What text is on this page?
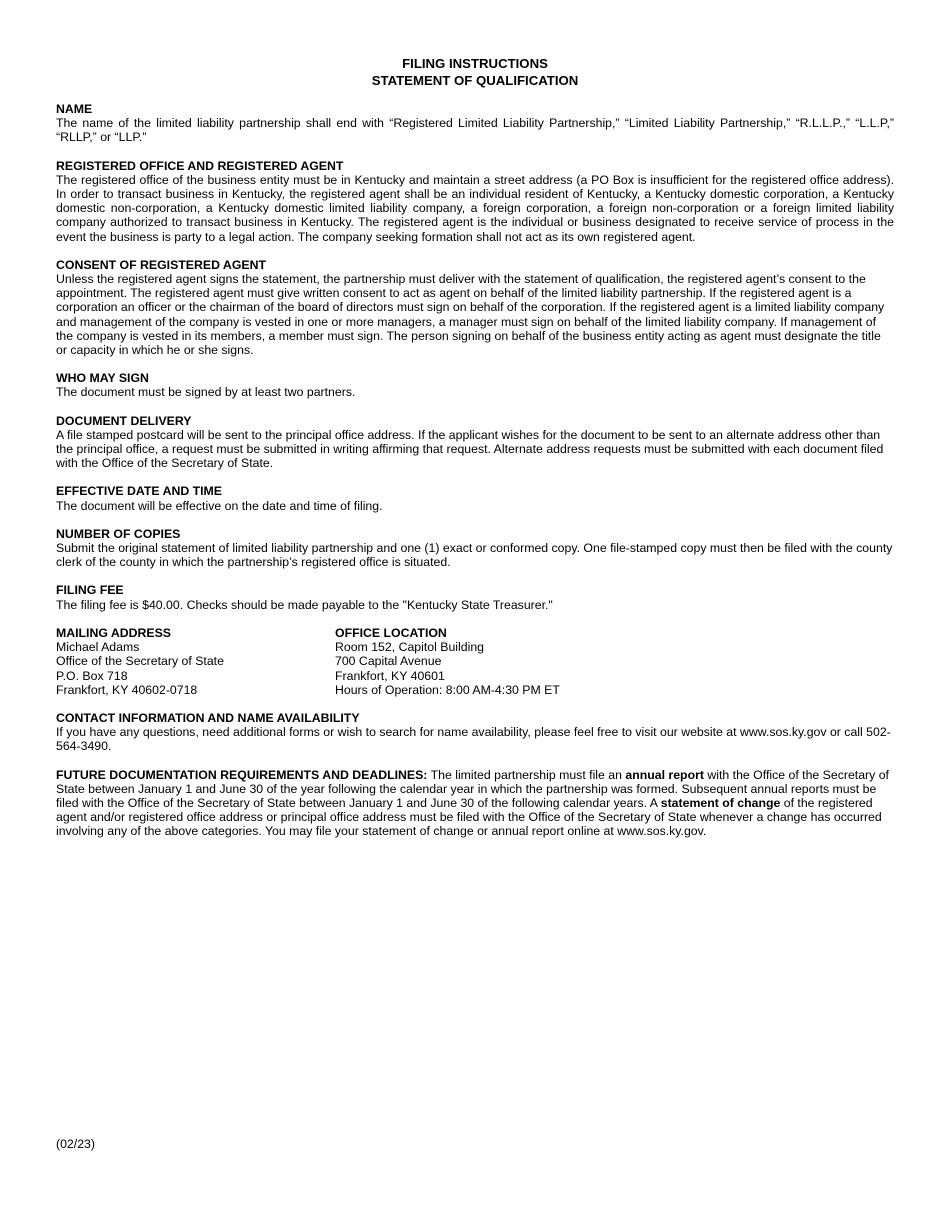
FILING INSTRUCTIONS
STATEMENT OF QUALIFICATION
NAME
The name of the limited liability partnership shall end with “Registered Limited Liability Partnership,” “Limited Liability Partnership,” “R.L.L.P.,” “L.L.P,” “RLLP,” or “LLP.”
REGISTERED OFFICE AND REGISTERED AGENT
The registered office of the business entity must be in Kentucky and maintain a street address (a PO Box is insufficient for the registered office address). In order to transact business in Kentucky, the registered agent shall be an individual resident of Kentucky, a Kentucky domestic corporation, a Kentucky domestic non-corporation, a Kentucky domestic limited liability company, a foreign corporation, a foreign non-corporation or a foreign limited liability company authorized to transact business in Kentucky. The registered agent is the individual or business designated to receive service of process in the event the business is party to a legal action. The company seeking formation shall not act as its own registered agent.
CONSENT OF REGISTERED AGENT
Unless the registered agent signs the statement, the partnership must deliver with the statement of qualification, the registered agent’s consent to the appointment. The registered agent must give written consent to act as agent on behalf of the limited liability partnership. If the registered agent is a corporation an officer or the chairman of the board of directors must sign on behalf of the corporation. If the registered agent is a limited liability company and management of the company is vested in one or more managers, a manager must sign on behalf of the limited liability company. If management of the company is vested in its members, a member must sign. The person signing on behalf of the business entity acting as agent must designate the title or capacity in which he or she signs.
WHO MAY SIGN
The document must be signed by at least two partners.
DOCUMENT DELIVERY
A file stamped postcard will be sent to the principal office address. If the applicant wishes for the document to be sent to an alternate address other than the principal office, a request must be submitted in writing affirming that request. Alternate address requests must be submitted with each document filed with the Office of the Secretary of State.
EFFECTIVE DATE AND TIME
The document will be effective on the date and time of filing.
NUMBER OF COPIES
Submit the original statement of limited liability partnership and one (1) exact or conformed copy. One file-stamped copy must then be filed with the county clerk of the county in which the partnership’s registered office is situated.
FILING FEE
The filing fee is $40.00. Checks should be made payable to the "Kentucky State Treasurer."
MAILING ADDRESS
Michael Adams
Office of the Secretary of State
P.O. Box 718
Frankfort, KY 40602-0718
OFFICE LOCATION
Room 152, Capitol Building
700 Capital Avenue
Frankfort, KY 40601
Hours of Operation: 8:00 AM-4:30 PM ET
CONTACT INFORMATION AND NAME AVAILABILITY
If you have any questions, need additional forms or wish to search for name availability, please feel free to visit our website at www.sos.ky.gov or call 502-564-3490.
FUTURE DOCUMENTATION REQUIREMENTS AND DEADLINES: The limited partnership must file an annual report with the Office of the Secretary of State between January 1 and June 30 of the year following the calendar year in which the partnership was formed. Subsequent annual reports must be filed with the Office of the Secretary of State between January 1 and June 30 of the following calendar years. A statement of change of the registered agent and/or registered office address or principal office address must be filed with the Office of the Secretary of State whenever a change has occurred involving any of the above categories. You may file your statement of change or annual report online at www.sos.ky.gov.
(02/23)
